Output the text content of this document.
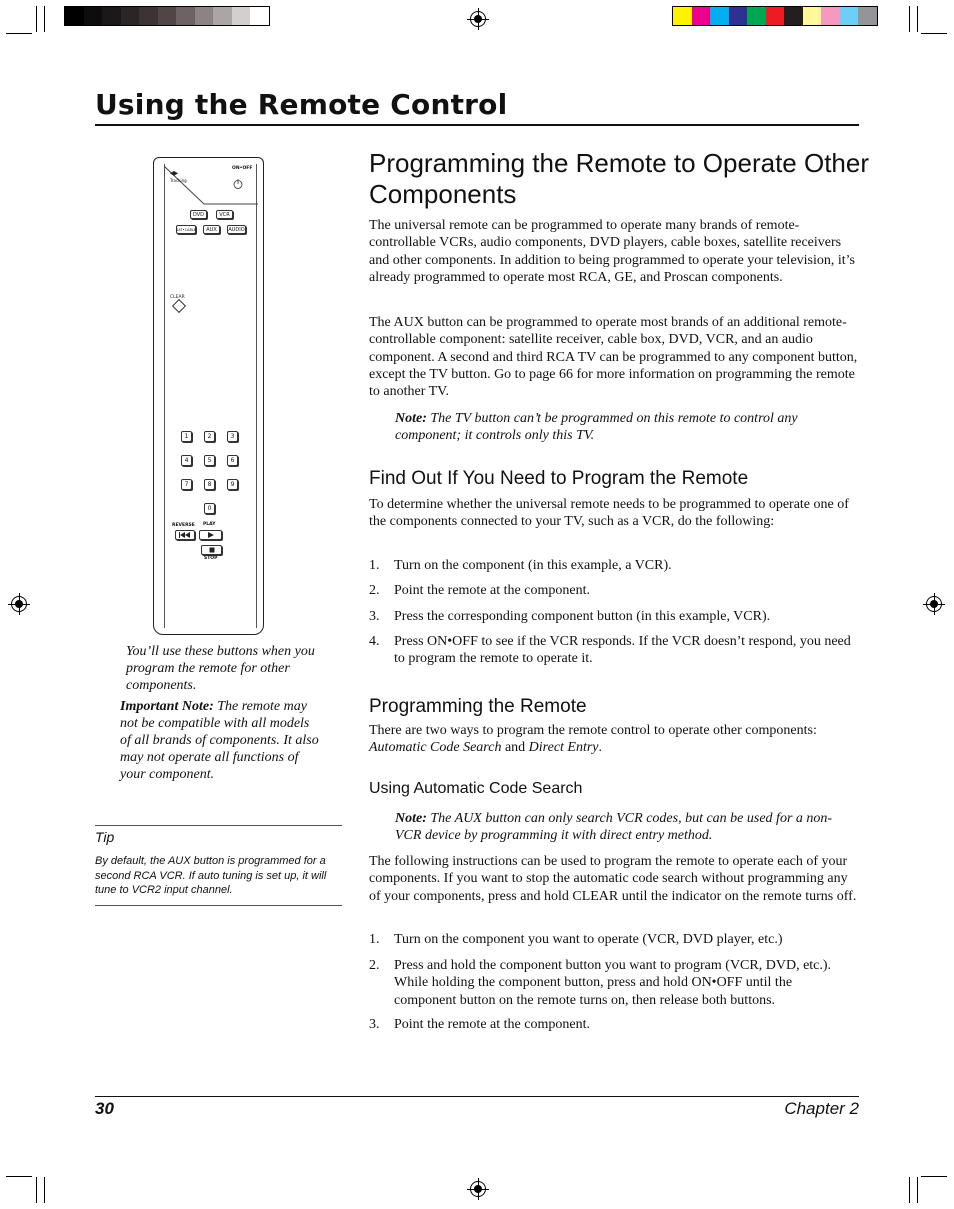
Using the Remote Control
ON•OFF
Tracking
DVD	VCR
SAT•CABLE	AUX	AUDIO
CLEAR
1	2	3
4	5	6
7	8	9
0
REVERSE PLAY
STOP
You’ll use these buttons when you program the remote for other components.
Important Note: The remote may not be compatible with all models of all brands of components. It also may not operate all functions of your component.
Tip
By default, the AUX button is programmed for a second RCA VCR. If auto tuning is set up, it will tune to VCR2 input channel.
Programming the Remote to Operate Other Components
The universal remote can be programmed to operate many brands of remote-controllable VCRs, audio components, DVD players, cable boxes, satellite receivers and other components. In addition to being programmed to operate your television, it’s already programmed to operate most RCA, GE, and Proscan components.
The AUX button can be programmed to operate most brands of an additional remote-controllable component: satellite receiver, cable box, DVD, VCR, and an audio component. A second and third RCA TV can be programmed to any component button, except the TV button. Go to page 66 for more information on programming the remote to another TV.
Note: The TV button can’t be programmed on this remote to control any component; it controls only this TV.
Find Out If You Need to Program the Remote
To determine whether the universal remote needs to be programmed to operate one of the components connected to your TV, such as a VCR, do the following:
1. Turn on the component (in this example, a VCR).
2. Point the remote at the component.
3. Press the corresponding component button (in this example, VCR).
4. Press ON•OFF to see if the VCR responds. If the VCR doesn’t respond, you need to program the remote to operate it.
Programming the Remote
There are two ways to program the remote control to operate other components: Automatic Code Search and Direct Entry.
Using Automatic Code Search
Note: The AUX button can only search VCR codes, but can be used for a non-VCR device by programming it with direct entry method.
The following instructions can be used to program the remote to operate each of your components. If you want to stop the automatic code search without programming any of your components, press and hold CLEAR until the indicator on the remote turns off.
1. Turn on the component you want to operate (VCR, DVD player, etc.)
2. Press and hold the component button you want to program (VCR, DVD, etc.). While holding the component button, press and hold ON•OFF until the component button on the remote turns on, then release both buttons.
3. Point the remote at the component.
30	Chapter 2
